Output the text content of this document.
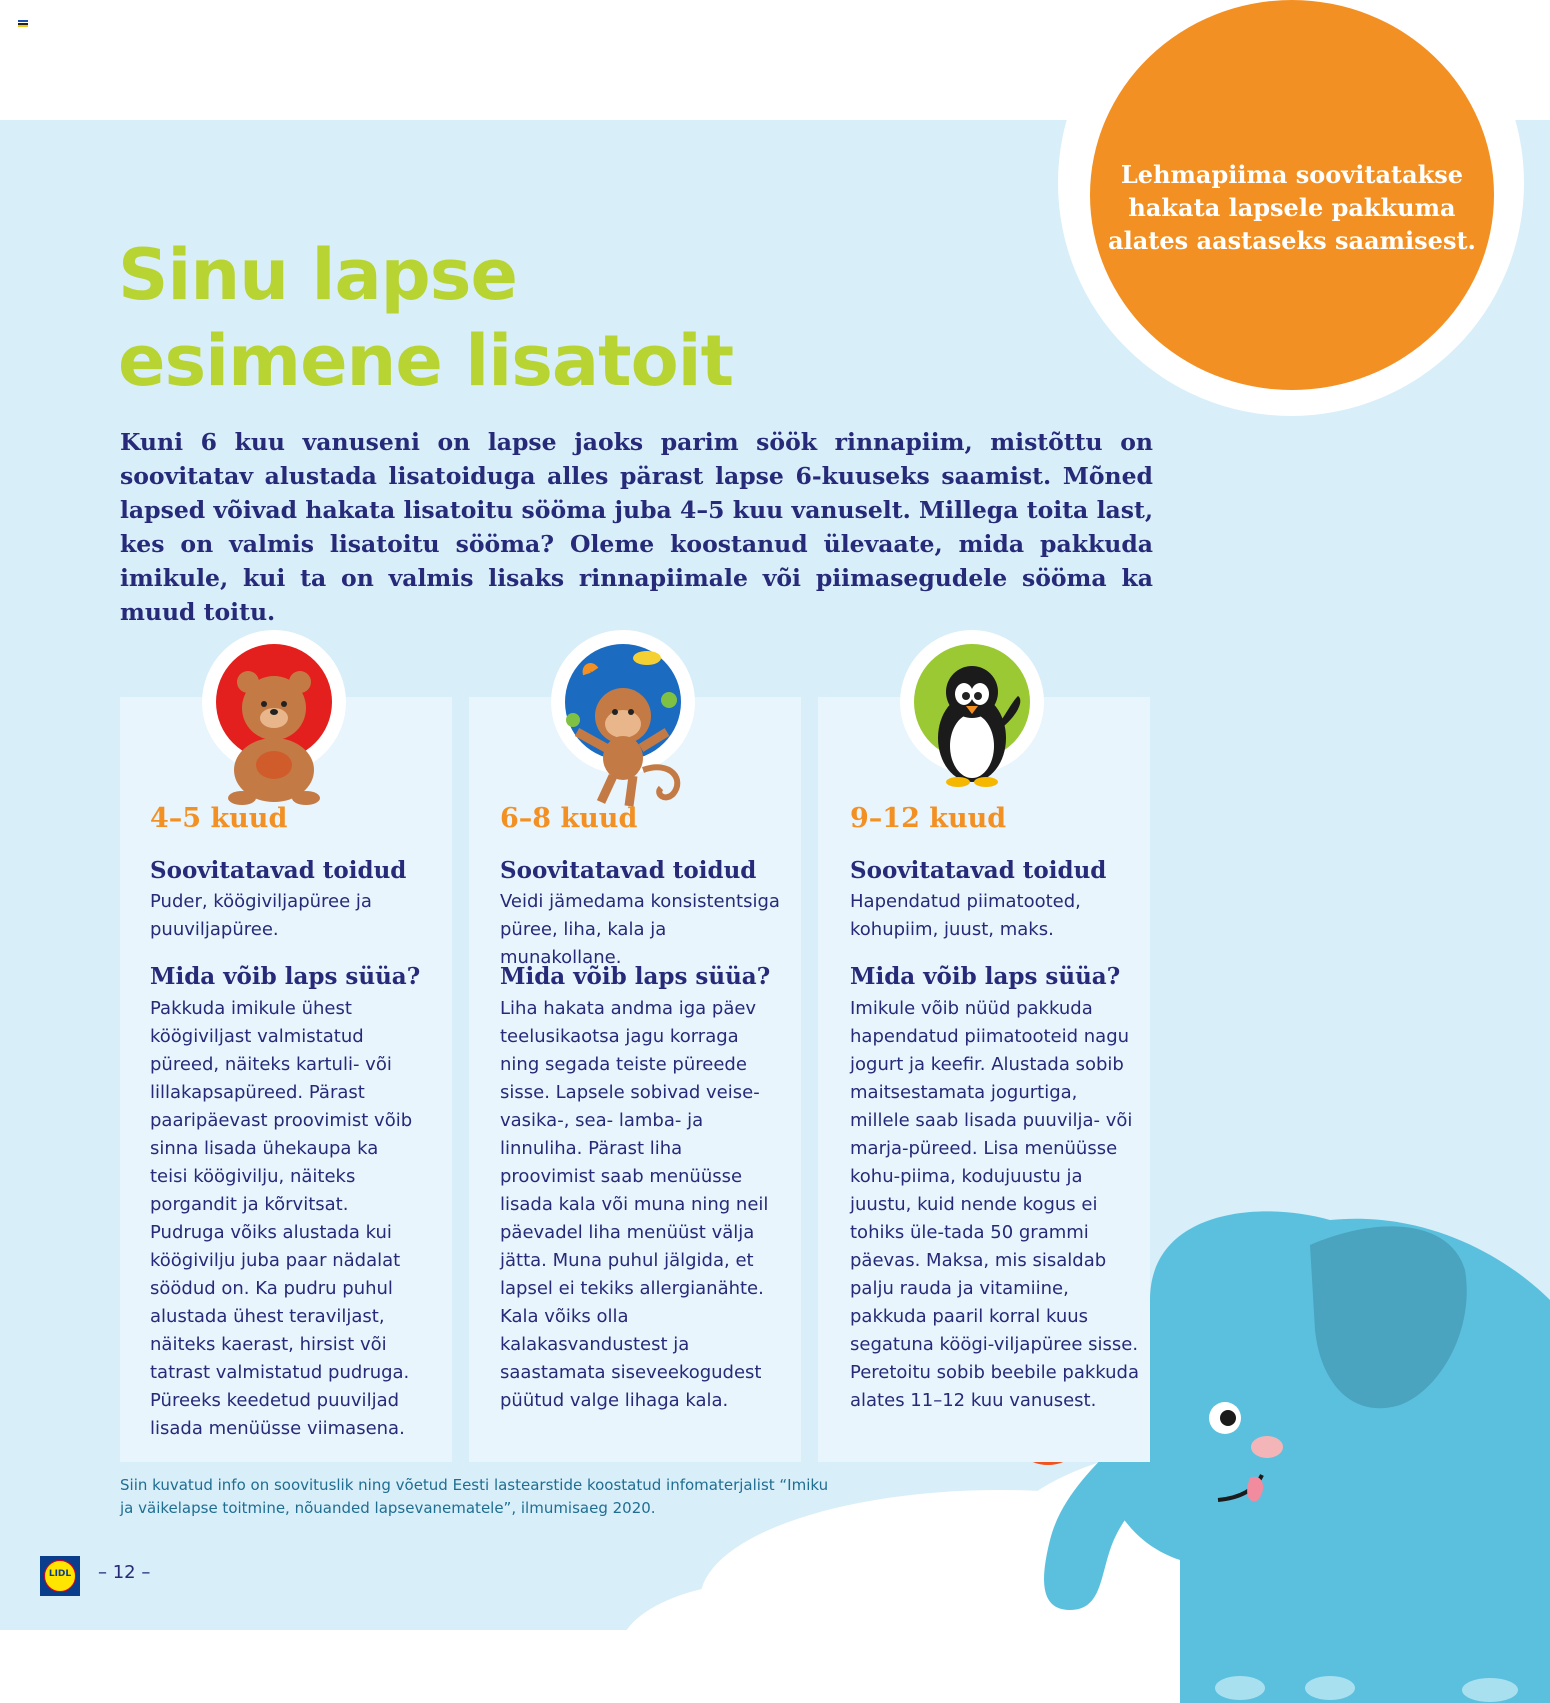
Lehmapiima soovitatakse hakata lapsele pakkuma alates aastaseks saamisest.

Sinu lapse
esimene lisatoit

Kuni 6 kuu vanuseni on lapse jaoks parim söök rinnapiim, mistõttu on soovitatav alustada lisatoiduga alles pärast lapse 6-kuuseks saamist. Mõned lapsed võivad hakata lisatoitu sööma juba 4–5 kuu vanuselt. Millega toita last, kes on valmis lisatoitu sööma? Oleme koostanud ülevaate, mida pakkuda imikule, kui ta on valmis lisaks rinnapiimale või piimasegudele sööma ka muud toitu.

4–5 kuud

Soovitatavad toidud

Puder, köögiviljapüree ja puuviljapüree.

Mida võib laps süüa?

Pakkuda imikule ühest köögiviljast valmistatud püreed, näiteks kartuli- või lillakapsapüreed. Pärast paaripäevast proovimist võib sinna lisada ühekaupa ka teisi köögivilju, näiteks porgandit ja kõrvitsat. Pudruga võiks alustada kui köögivilju juba paar nädalat söödud on. Ka pudru puhul alustada ühest teraviljast, näiteks kaerast, hirsist või tatrast valmistatud pudruga. Püreeks keedetud puuviljad lisada menüüsse viimasena.

6–8 kuud

Soovitatavad toidud

Veidi jämedama konsistentsiga püree, liha, kala ja munakollane.

Mida võib laps süüa?

Liha hakata andma iga päev teelusikaotsa jagu korraga ning segada teiste püreede sisse. Lapsele sobivad veise-vasika-, sea- lamba- ja linnuliha. Pärast liha proovimist saab menüüsse lisada kala või muna ning neil päevadel liha menüüst välja jätta. Muna puhul jälgida, et lapsel ei tekiks allergianähte. Kala võiks olla kalakasvandustest ja saastamata siseveekogudest püütud valge lihaga kala.

9–12 kuud

Soovitatavad toidud

Hapendatud piimatooted, kohupiim, juust, maks.

Mida võib laps süüa?

Imikule võib nüüd pakkuda hapendatud piimatooteid nagu jogurt ja keefir. Alustada sobib maitsestamata jogurtiga, millele saab lisada puuvilja- või marja-püreed. Lisa menüüsse kohu-piima, kodujuustu ja juustu, kuid nende kogus ei tohiks üle-tada 50 grammi päevas. Maksa, mis sisaldab palju rauda ja vitamiine, pakkuda paaril korral kuus segatuna köögi-viljapüree sisse. Peretoitu sobib beebile pakkuda alates 11–12 kuu vanusest.

Siin kuvatud info on soovituslik ning võetud Eesti lastearstide koostatud infomaterjalist “Imiku ja väikelapse toitmine, nõuanded lapsevanematele”, ilmumisaeg 2020.

LIDL	– 12 –
